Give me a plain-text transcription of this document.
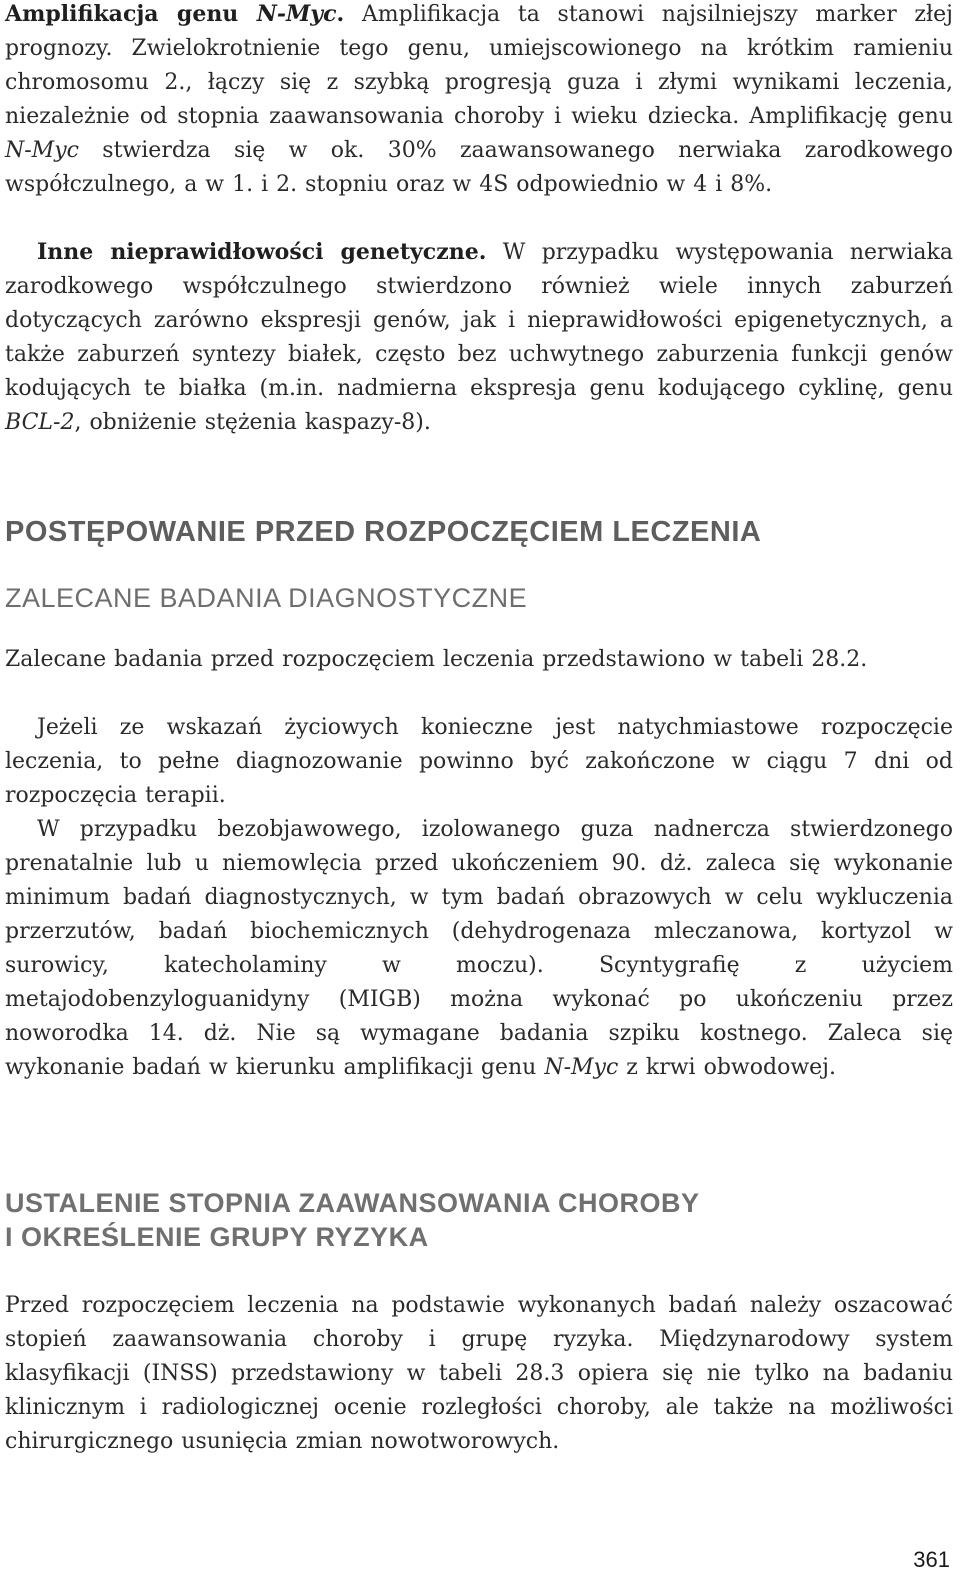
Amplifikacja genu N-Myc. Amplifikacja ta stanowi najsilniejszy marker złej prognozy. Zwielokrotnienie tego genu, umiejscowionego na krótkim ramieniu chromosomu 2., łączy się z szybką progresją guza i złymi wynikami leczenia, niezależnie od stopnia zaawansowania choroby i wieku dziecka. Amplifikację genu N-Myc stwierdza się w ok. 30% zaawansowanego nerwiaka zarodkowego współczulnego, a w 1. i 2. stopniu oraz w 4S odpowiednio w 4 i 8%.

Inne nieprawidłowości genetyczne. W przypadku występowania nerwiaka zarodkowego współczulnego stwierdzono również wiele innych zaburzeń dotyczących zarówno ekspresji genów, jak i nieprawidłowości epigenetycznych, a także zaburzeń syntezy białek, często bez uchwytnego zaburzenia funkcji genów kodujących te białka (m.in. nadmierna ekspresja genu kodującego cyklinę, genu BCL-2, obniżenie stężenia kaspazy-8).

POSTĘPOWANIE PRZED ROZPOCZĘCIEM LECZENIA
ZALECANE BADANIA DIAGNOSTYCZNE

Zalecane badania przed rozpoczęciem leczenia przedstawiono w tabeli 28.2.

Jeżeli ze wskazań życiowych konieczne jest natychmiastowe rozpoczęcie leczenia, to pełne diagnozowanie powinno być zakończone w ciągu 7 dni od rozpoczęcia terapii.

W przypadku bezobjawowego, izolowanego guza nadnercza stwierdzonego prenatalnie lub u niemowlęcia przed ukończeniem 90. dż. zaleca się wykonanie minimum badań diagnostycznych, w tym badań obrazowych w celu wykluczenia przerzutów, badań biochemicznych (dehydrogenaza mleczanowa, kortyzol w surowicy, katecholaminy w moczu). Scyntygrafię z użyciem metajodobenzyloguanidyny (MIGB) można wykonać po ukończeniu przez noworodka 14. dż. Nie są wymagane badania szpiku kostnego. Zaleca się wykonanie badań w kierunku amplifikacji genu N-Myc z krwi obwodowej.

USTALENIE STOPNIA ZAAWANSOWANIA CHOROBY
I OKREŚLENIE GRUPY RYZYKA

Przed rozpoczęciem leczenia na podstawie wykonanych badań należy oszacować stopień zaawansowania choroby i grupę ryzyka. Międzynarodowy system klasyfikacji (INSS) przedstawiony w tabeli 28.3 opiera się nie tylko na badaniu klinicznym i radiologicznej ocenie rozległości choroby, ale także na możliwości chirurgicznego usunięcia zmian nowotworowych.

361
